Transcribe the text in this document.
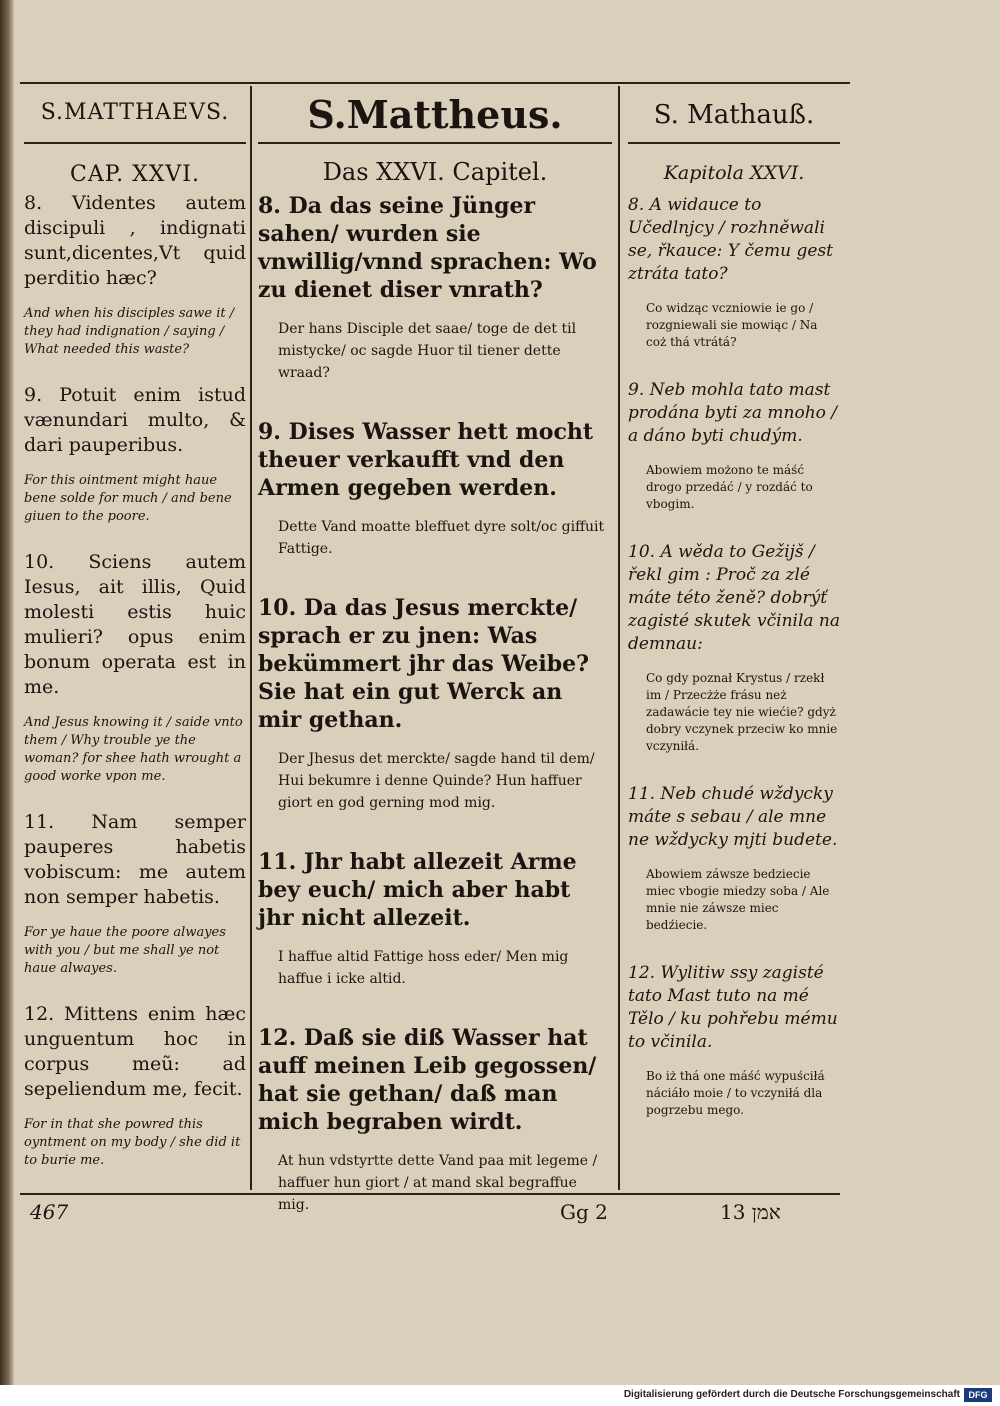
S.MATTHAEVS.
CAP. XXVI.
8. Videntes autem discipuli , indignati sunt,dicentes,Vt quid perditio hæc?
And when his disciples sawe it / they had indignation / saying / What needed this waste?
9. Potuit enim istud vænundari multo, & dari pauperibus.
For this ointment might haue bene solde for much / and bene giuen to the poore.
10. Sciens autem Iesus, ait illis, Quid molesti estis huic mulieri? opus enim bonum operata est in me.
And Jesus knowing it / saide vnto them / Why trouble ye the woman? for shee hath wrought a good worke vpon me.
11. Nam semper pauperes habetis vobiscum: me autem non semper habetis.
For ye haue the poore alwayes with you / but me shall ye not haue alwayes.
12. Mittens enim hæc unguentum hoc in corpus meũ: ad sepeliendum me, fecit.
For in that she powred this oyntment on my body / she did it to burie me.
S.Mattheus.
Das XXVI. Capitel.
8. Da das seine Jünger sahen/ wurden sie vnwillig/vnnd sprachen: Wo zu dienet diser vnrath?
Der hans Disciple det saae/ toge de det til mistycke/ oc sagde Huor til tiener dette wraad?
9. Dises Wasser hett mocht theuer verkaufft vnd den Armen gegeben werden.
Dette Vand moatte bleffuet dyre solt/oc giffuit Fattige.
10. Da das Jesus merckte/ sprach er zu jnen: Was bekümmert jhr das Weibe? Sie hat ein gut Werck an mir gethan.
Der Jhesus det merckte/ sagde hand til dem/ Hui bekumre i denne Quinde? Hun haffuer giort en god gerning mod mig.
11. Jhr habt allezeit Arme bey euch/ mich aber habt jhr nicht allezeit.
I haffue altid Fattige hoss eder/ Men mig haffue i icke altid.
12. Daß sie diß Wasser hat auff meinen Leib gegossen/ hat sie gethan/ daß man mich begraben wirdt.
At hun vdstyrtte dette Vand paa mit legeme / haffuer hun giort / at mand skal begraffue mig.
S. Mathauß.
Kapitola XXVI.
8. A widauce to Učedlnjcy / rozhněwali se, řkauce: Y čemu gest ztráta tato?
Co widząc vczniowie ie go / rozgniewali sie mowiąc / Na coż thá vtrátá?
9. Neb mohla tato mast prodána byti za mnoho / a dáno byti chudým.
Abowiem możono te máść drogo przedáć / y rozdáć to vbogim.
10. A wěda to Gežijš / řekl gim : Proč za zlé máte této ženě? dobrýť zagisté skutek včinila na demnau:
Co gdy poznał Krystus / rzekł im / Przecżże frásu neż zadawácie tey nie wiećie? gdyż dobry vczynek przeciw ko mnie vczyniłá.
11. Neb chudé wždycky máte s sebau / ale mne ne wždycky mjti budete.
Abowiem záwsze bedziecie miec vbogie miedzy soba / Ale mnie nie záwsze miec bedźiecie.
12. Wylitiw ssy zagisté tato Mast tuto na mé Tělo / ku pohřebu mému to včinila.
Bo iż thá one máść wypuściłá náciáło moie / to vczyniłá dla pogrzebu mego.
467	Gg 2	אמן 13
Digitalisierung gefördert durch die Deutsche Forschungsgemeinschaft DFG
